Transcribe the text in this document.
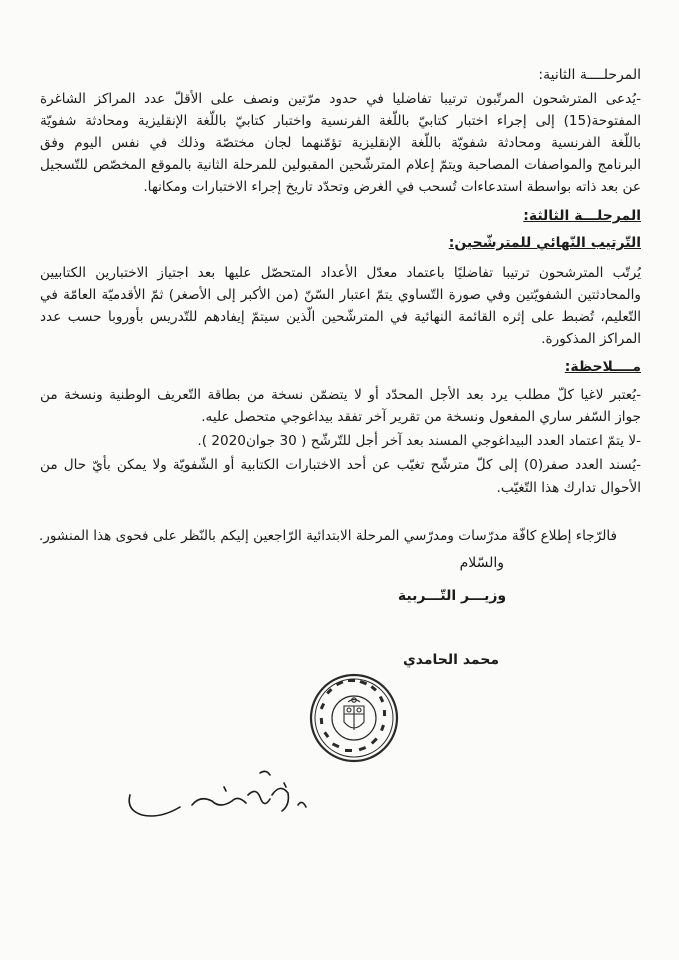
المرحلــــة الثانية:
-يُدعى المترشحون المرتّبون ترتيبا تفاضليا في حدود مرّتين ونصف على الأقلّ عدد المراكز الشاغرة
المفتوحة(15) إلى إجراء اختبار كتابيّ باللّغة الفرنسية واختبار كتابيّ باللّغة الإنقليزية ومحادثة شفويّة
باللّغة الفرنسية ومحادثة شفويّة باللّغة الإنقليزية تؤمّنهما لجان مختصّة وذلك في نفس اليوم وفق
البرنامج والمواصفات المصاحبة ويتمّ إعلام المترشّحين المقبولين للمرحلة الثانية بالموقع المخصّص للتّسجيل
عن بعد ذاته بواسطة استدعاءات تُسحب في الغرض وتحدّد تاريخ إجراء الاختبارات ومكانها.
المرحلـــة الثالثة:
التّرتيب النّهائي للمترشّحين:
يُرتّب المترشحون ترتيبا تفاضليًا باعتماد معدّل الأعداد المتحصّل عليها بعد اجتياز الاختبارين الكتابيين
والمحادثتين الشفويّتين وفي صورة التّساوي يتمّ اعتبار السّنّ (من الأكبر إلى الأصغر) ثمّ الأقدميّة العامّة في
التّعليم، تُضبط على إثره القائمة النهائية في المترشّحين الّذين سيتمّ إيفادهم للتّدريس بأوروبا حسب عدد
المراكز المذكورة.
مــــلاحظة:
-يُعتبر لاغيا كلّ مطلب يرد بعد الأجل المحدّد أو لا يتضمّن نسخة من بطاقة التّعريف الوطنية ونسخة من
جواز السّفر ساري المفعول ونسخة من تقرير آخر تفقد بيداغوجي متحصل عليه.
-لا يتمّ اعتماد العدد البيداغوجي المسند بعد آخر أجل للتّرشّح ( 30 جوان2020 ).
-يُسند العدد صفر(0) إلى كلّ مترشّح تغيّب عن أحد الاختبارات الكتابية أو الشّفويّة ولا يمكن بأيّ حال من
الأحوال تدارك هذا التّغيّب.
فالرّجاء إطلاع كافّة مدرّسات ومدرّسي المرحلة الابتدائية الرّاجعين إليكم بالنّظر على فحوى هذا المنشور.
والسّلام
وزيـــر التّـــربية
محمد الحامدي
